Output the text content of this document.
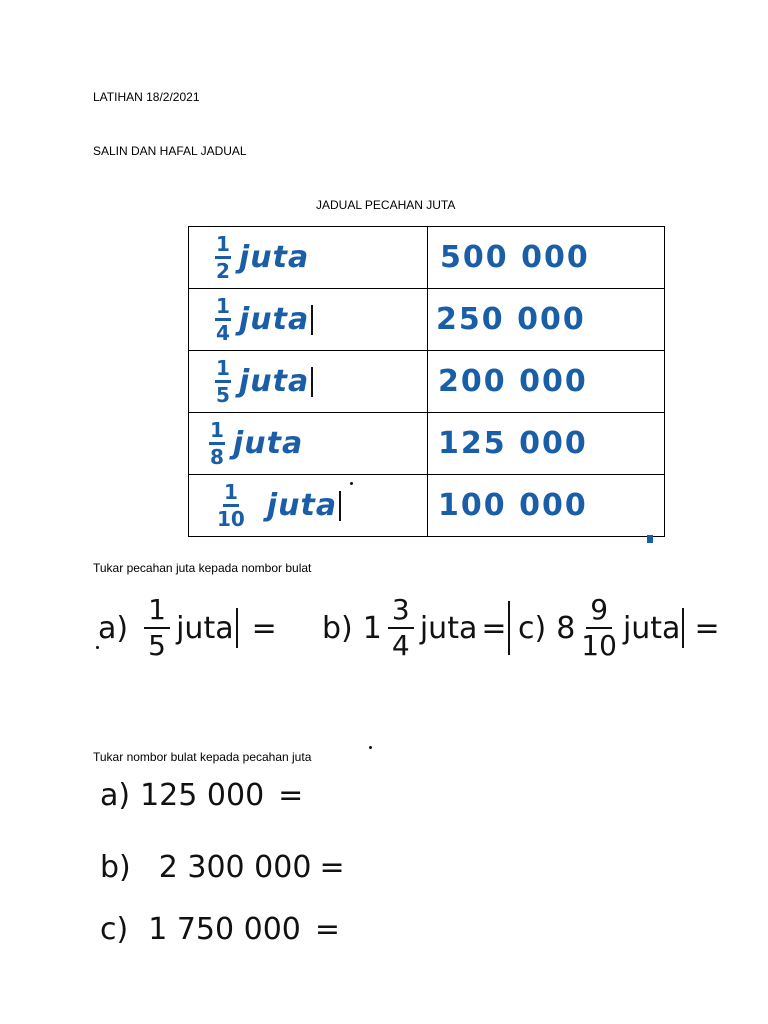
LATIHAN 18/2/2021
SALIN DAN HAFAL JADUAL
JADUAL PECAHAN JUTA
$\frac{1}{2}$ juta	500 000

$\frac{1}{4}$ juta	250 000

$\frac{1}{5}$ juta	200 000

$\frac{1}{8}$ juta	125 000

$\frac{1}{10}$ juta	100 000
Tukar pecahan juta kepada nombor bulat
$a) \frac{1}{5}$ juta = b) $1 \frac{3}{4}$ juta = c) $8 \frac{9}{10}$ juta =
Tukar nombor bulat kepada pecahan juta
a) 125 000 =
b) 2 300 000 =
c) 1 750 000 =
